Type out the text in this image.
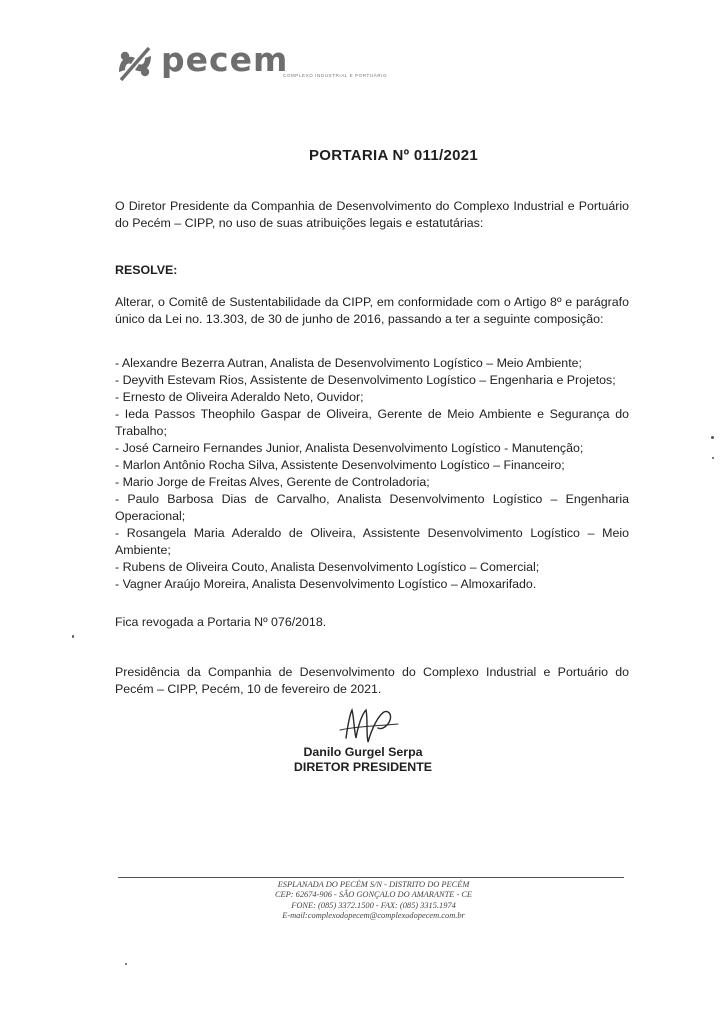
pecem
COMPLEXO INDUSTRIAL E PORTUÁRIO
PORTARIA Nº 011/2021
O Diretor Presidente da Companhia de Desenvolvimento do Complexo Industrial e Portuário do Pecém – CIPP, no uso de suas atribuições legais e estatutárias:
RESOLVE:
Alterar, o Comitê de Sustentabilidade da CIPP, em conformidade com o Artigo 8º e parágrafo único da Lei no. 13.303, de 30 de junho de 2016, passando a ter a seguinte composição:
- Alexandre Bezerra Autran, Analista de Desenvolvimento Logístico – Meio Ambiente;
- Deyvith Estevam Rios, Assistente de Desenvolvimento Logístico – Engenharia e Projetos;
- Ernesto de Oliveira Aderaldo Neto, Ouvidor;
- Ieda Passos Theophilo Gaspar de Oliveira, Gerente de Meio Ambiente e Segurança do Trabalho;
- José Carneiro Fernandes Junior, Analista Desenvolvimento Logístico - Manutenção;
- Marlon Antônio Rocha Silva, Assistente Desenvolvimento Logístico – Financeiro;
- Mario Jorge de Freitas Alves, Gerente de Controladoria;
- Paulo Barbosa Dias de Carvalho, Analista Desenvolvimento Logístico – Engenharia Operacional;
- Rosangela Maria Aderaldo de Oliveira, Assistente Desenvolvimento Logístico – Meio Ambiente;
- Rubens de Oliveira Couto, Analista Desenvolvimento Logístico – Comercial;
- Vagner Araújo Moreira, Analista Desenvolvimento Logístico – Almoxarifado.
Fica revogada a Portaria Nº 076/2018.
Presidência da Companhia de Desenvolvimento do Complexo Industrial e Portuário do Pecém – CIPP, Pecém, 10 de fevereiro de 2021.
Danilo Gurgel Serpa
DIRETOR PRESIDENTE
ESPLANADA DO PECÉM S/N - DISTRITO DO PECÉM
CEP: 62674-906 - SÃO GONÇALO DO AMARANTE - CE
FONE: (085) 3372.1500 - FAX: (085) 3315.1974
E-mail:complexodopecem@complexodopecem.com.br
